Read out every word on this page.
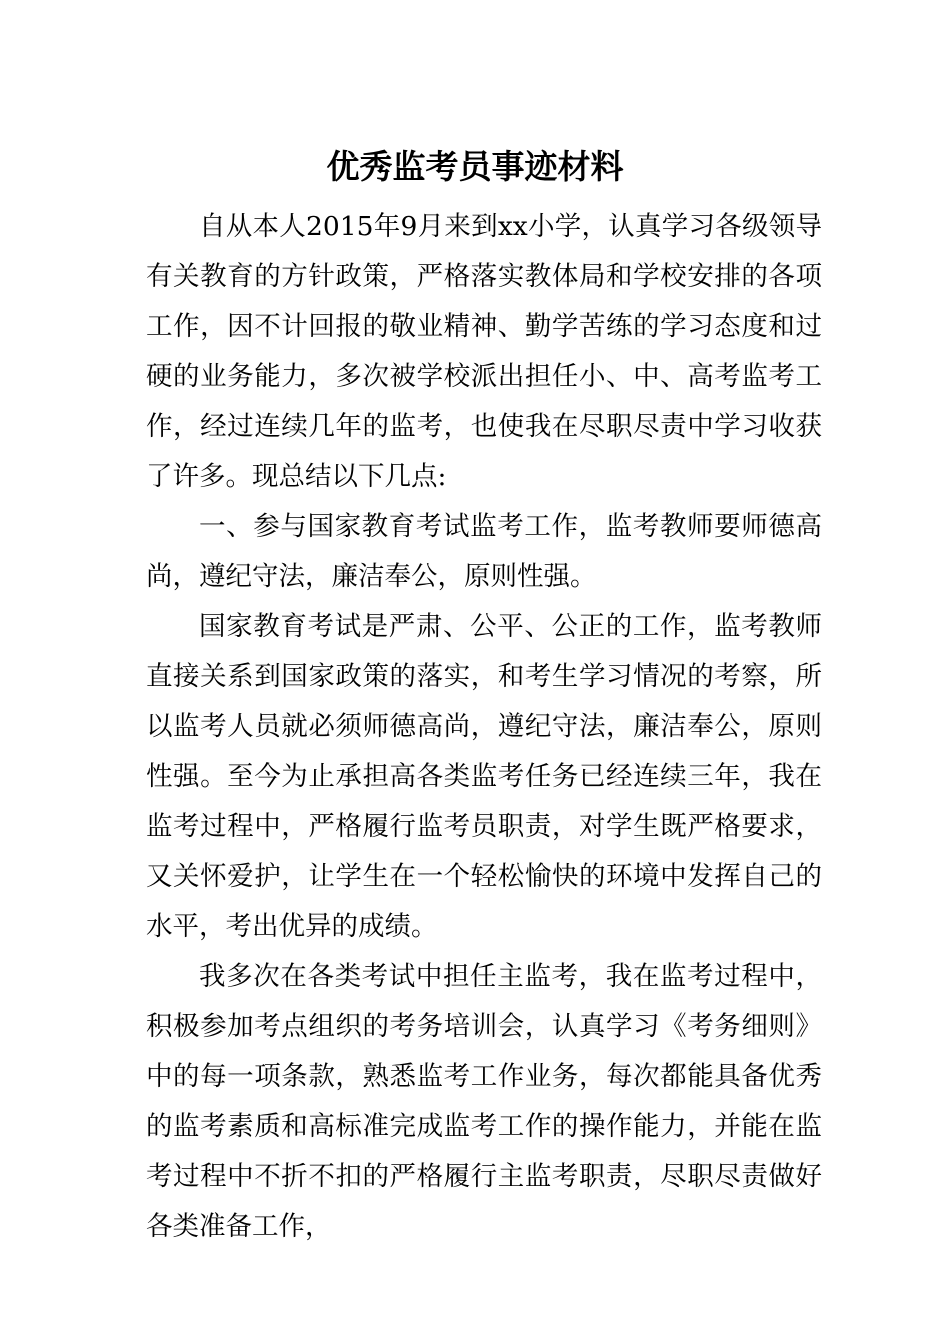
优秀监考员事迹材料

自从本人2015年9月来到xx小学，认真学习各级领导有关教育的方针政策，严格落实教体局和学校安排的各项工作，因不计回报的敬业精神、勤学苦练的学习态度和过硬的业务能力，多次被学校派出担任小、中、高考监考工作，经过连续几年的监考，也使我在尽职尽责中学习收获了许多。现总结以下几点:

一、参与国家教育考试监考工作，监考教师要师德高尚，遵纪守法，廉洁奉公，原则性强。

国家教育考试是严肃、公平、公正的工作，监考教师直接关系到国家政策的落实，和考生学习情况的考察，所以监考人员就必须师德高尚，遵纪守法，廉洁奉公，原则性强。至今为止承担高各类监考任务已经连续三年，我在监考过程中，严格履行监考员职责，对学生既严格要求，又关怀爱护，让学生在一个轻松愉快的环境中发挥自己的水平，考出优异的成绩。

我多次在各类考试中担任主监考，我在监考过程中，积极参加考点组织的考务培训会，认真学习《考务细则》中的每一项条款，熟悉监考工作业务，每次都能具备优秀的监考素质和高标准完成监考工作的操作能力，并能在监考过程中不折不扣的严格履行主监考职责，尽职尽责做好各类准备工作，
